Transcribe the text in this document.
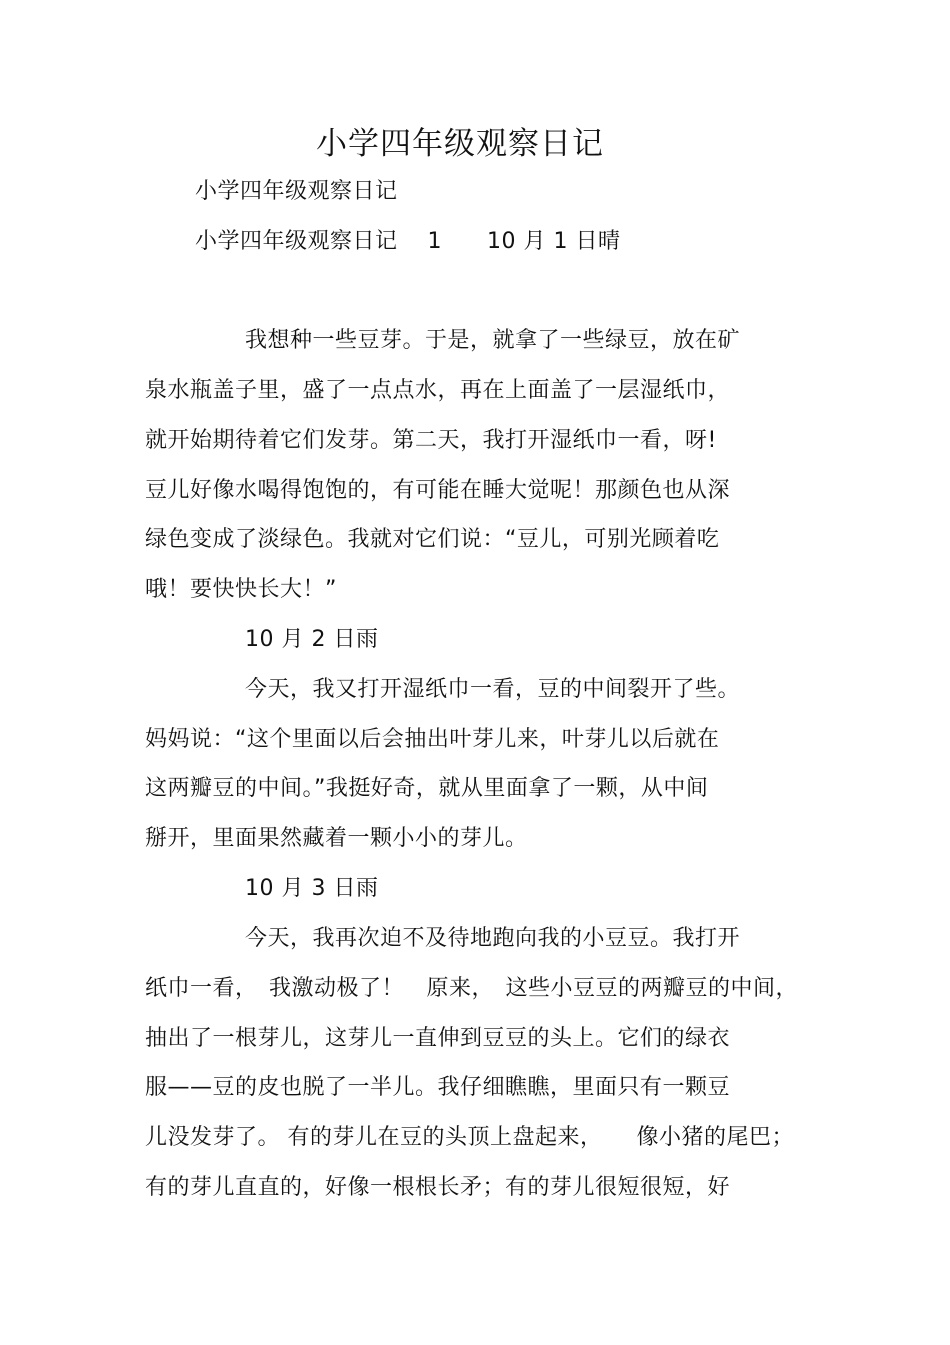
小学四年级观察日记
小学四年级观察日记
小学四年级观察日记　 1　　10 月 1 日晴
我想种一些豆芽。于是，就拿了一些绿豆，放在矿
泉水瓶盖子里，盛了一点点水，再在上面盖了一层湿纸巾，
就开始期待着它们发芽。第二天，我打开湿纸巾一看，呀!
豆儿好像水喝得饱饱的，有可能在睡大觉呢！那颜色也从深
绿色变成了淡绿色。我就对它们说：“豆儿，可别光顾着吃
哦！要快快长大！”
10 月 2 日雨
今天，我又打开湿纸巾一看，豆的中间裂开了些。
妈妈说：“这个里面以后会抽出叶芽儿来，叶芽儿以后就在
这两瓣豆的中间。”我挺好奇，就从里面拿了一颗，从中间
掰开，里面果然藏着一颗小小的芽儿。
10 月 3 日雨
今天，我再次迫不及待地跑向我的小豆豆。我打开
纸巾一看，　我激动极了！　原来，　这些小豆豆的两瓣豆的中间，
抽出了一根芽儿，这芽儿一直伸到豆豆的头上。它们的绿衣
服——豆的皮也脱了一半儿。我仔细瞧瞧，里面只有一颗豆
儿没发芽了。 有的芽儿在豆的头顶上盘起来，　　像小猪的尾巴；
有的芽儿直直的，好像一根根长矛；有的芽儿很短很短，好
